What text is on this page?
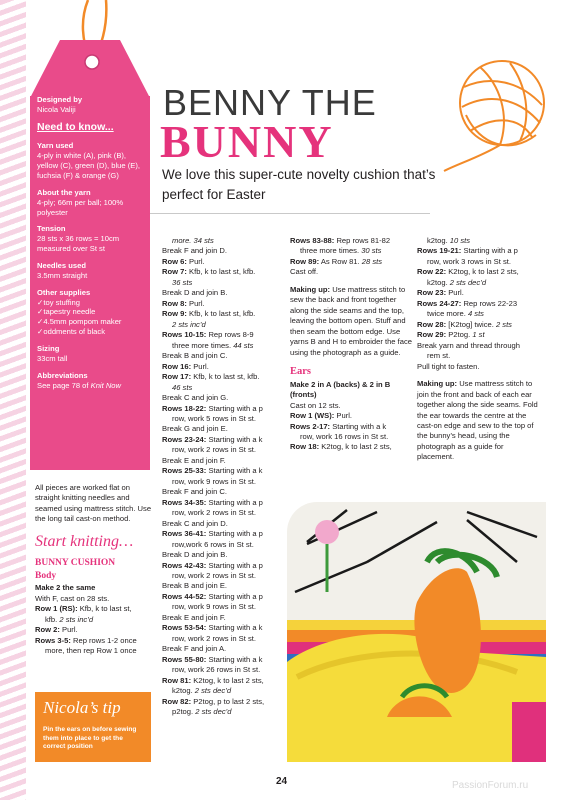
Designed by
Nicola Valiji
Need to know...
Yarn used
4-ply in white (A), pink (B), yellow (C), green (D), blue (E), fuchsia (F) & orange (G)
About the yarn
4-ply; 66m per ball; 100% polyester
Tension
28 sts x 36 rows = 10cm measured over St st
Needles used
3.5mm straight
Other supplies
✓ toy stuffing
✓ tapestry needle
✓ 4.5mm pompom maker
✓ oddments of black
Sizing
33cm tall
Abbreviations
See page 78 of Knit Now
BENNY THE
BUNNY
We love this super-cute novelty cushion that’s perfect for Easter

All pieces are worked flat on straight knitting needles and seamed using mattress stitch. Use the long tail cast-on method.

Start knitting…
BUNNY CUSHION
Body

Make 2 the same

With F, cast on 28 sts.

Row 1 (RS): Kfb, k to last st,

kfb. 2 sts inc’d

Row 2: Purl.

Rows 3-5: Rep rows 1-2 once

more, then rep Row 1 once

Nicola’s tip
Pin the ears on before sewing them into place to get the correct position

more. 34 sts

Break F and join D.

Row 6: Purl.

Row 7: Kfb, k to last st, kfb.

36 sts

Break D and join B.

Row 8: Purl.

Row 9: Kfb, k to last st, kfb.

2 sts inc’d

Rows 10-15: Rep rows 8-9

three more times. 44 sts

Break B and join C.

Row 16: Purl.

Row 17: Kfb, k to last st, kfb.

46 sts

Break C and join G.

Rows 18-22: Starting with a p

row, work 5 rows in St st.

Break G and join E.

Rows 23-24: Starting with a k

row, work 2 rows in St st.

Break E and join F.

Rows 25-33: Starting with a k

row, work 9 rows in St st.

Break F and join C.

Rows 34-35: Starting with a p

row, work 2 rows in St st.

Break C and join D.

Rows 36-41: Starting with a p

row,work 6 rows in St st.

Break D and join B.

Rows 42-43: Starting with a p

row, work 2 rows in St st.

Break B and join E.

Rows 44-52: Starting with a p

row, work 9 rows in St st.

Break E and join F.

Rows 53-54: Starting with a k

row, work 2 rows in St st.

Break F and join A.

Rows 55-80: Starting with a k

row, work 26 rows in St st.

Row 81: K2tog, k to last 2 sts,

k2tog. 2 sts dec’d

Row 82: P2tog, p to last 2 sts,

p2tog. 2 sts dec’d

Rows 83-88: Rep rows 81-82

three more times. 30 sts

Row 89: As Row 81. 28 sts

Cast off.

Making up: Use mattress stitch to sew the back and front together along the side seams and the top, leaving the bottom open. Stuff and then seam the bottom edge. Use yarns B and H to embroider the face using the photograph as a guide.

Ears

Make 2 in A (backs) & 2 in B (fronts)

Cast on 12 sts.

Row 1 (WS): Purl.

Rows 2-17: Starting with a k

row, work 16 rows in St st.

Row 18: K2tog, k to last 2 sts,

k2tog. 10 sts

Rows 19-21: Starting with a p

row, work 3 rows in St st.

Row 22: K2tog, k to last 2 sts,

k2tog. 2 sts dec’d

Row 23: Purl.

Rows 24-27: Rep rows 22-23

twice more. 4 sts

Row 28: [K2tog] twice. 2 sts

Row 29: P2tog. 1 st

Break yarn and thread through

rem st.

Pull tight to fasten.

Making up: Use mattress stitch to join the front and back of each ear together along the side seams. Fold the ear towards the centre at the cast-on edge and sew to the top of the bunny’s head, using the photograph as a guide for placement.

24	PassionForum.ru
